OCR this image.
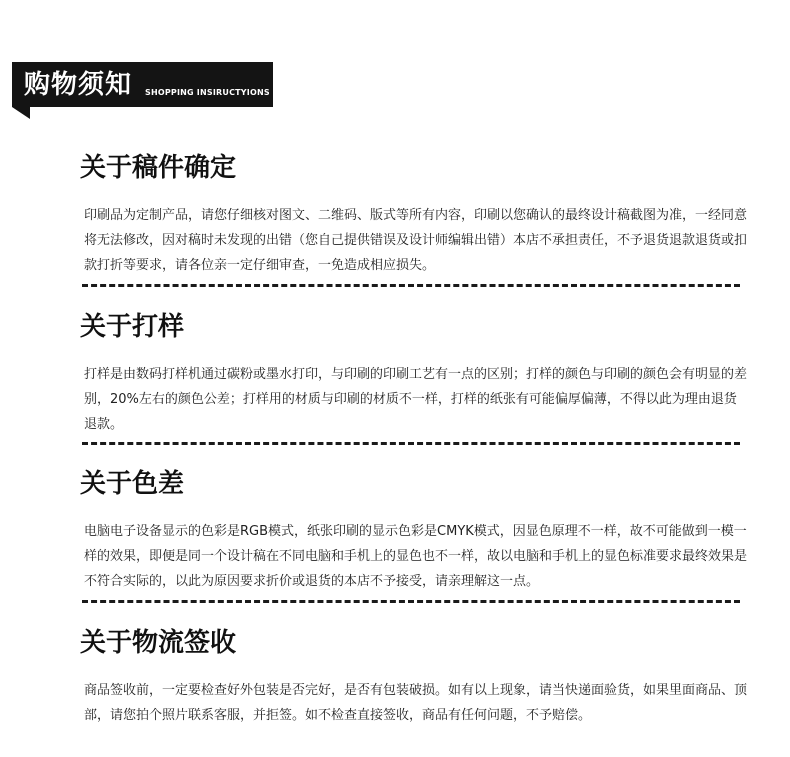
购物须知 SHOPPING INSIRUCTYIONS
关于稿件确定

印刷品为定制产品，请您仔细核对图文、二维码、版式等所有内容，印刷以您确认的最终设计稿截图为准，一经同意将无法修改，因对稿时未发现的出错（您自己提供错误及设计师编辑出错）本店不承担责任，不予退货退款退货或扣款打折等要求，请各位亲一定仔细审查，一免造成相应损失。

关于打样

打样是由数码打样机通过碳粉或墨水打印，与印刷的印刷工艺有一点的区别；打样的颜色与印刷的颜色会有明显的差别，20%左右的颜色公差；打样用的材质与印刷的材质不一样，打样的纸张有可能偏厚偏薄，不得以此为理由退货退款。

关于色差

电脑电子设备显示的色彩是RGB模式，纸张印刷的显示色彩是CMYK模式，因显色原理不一样，故不可能做到一模一样的效果，即便是同一个设计稿在不同电脑和手机上的显色也不一样，故以电脑和手机上的显色标准要求最终效果是不符合实际的，以此为原因要求折价或退货的本店不予接受，请亲理解这一点。

关于物流签收

商品签收前，一定要检查好外包装是否完好，是否有包装破损。如有以上现象，请当快递面验货，如果里面商品、顶部，请您拍个照片联系客服，并拒签。如不检查直接签收，商品有任何问题，不予赔偿。
